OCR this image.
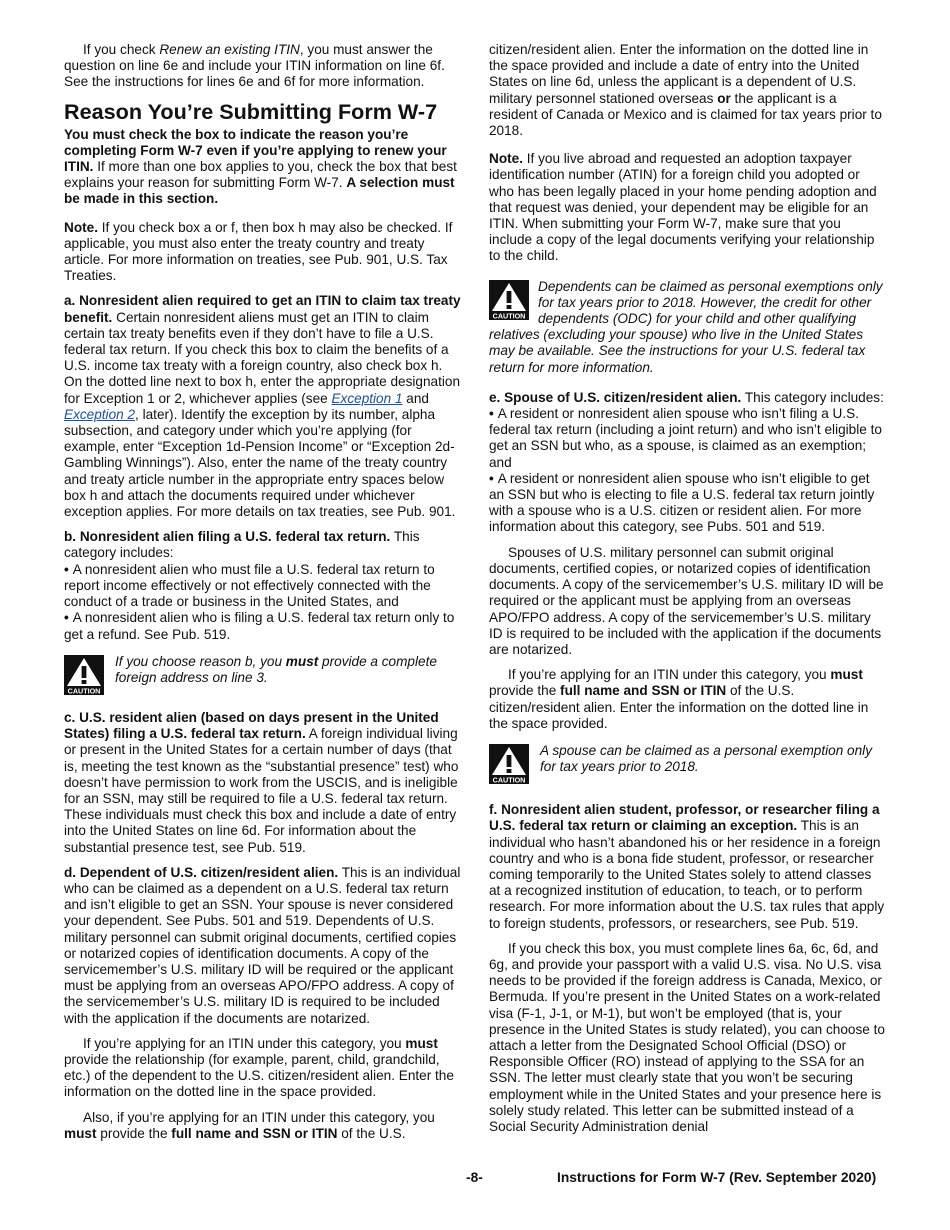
If you check Renew an existing ITIN, you must answer the question on line 6e and include your ITIN information on line 6f. See the instructions for lines 6e and 6f for more information.

Reason You’re Submitting Form W-7

You must check the box to indicate the reason you’re completing Form W-7 even if you’re applying to renew your ITIN. If more than one box applies to you, check the box that best explains your reason for submitting Form W-7. A selection must be made in this section.

Note. If you check box a or f, then box h may also be checked. If applicable, you must also enter the treaty country and treaty article. For more information on treaties, see Pub. 901, U.S. Tax Treaties.

a. Nonresident alien required to get an ITIN to claim tax treaty benefit. Certain nonresident aliens must get an ITIN to claim certain tax treaty benefits even if they don’t have to file a U.S. federal tax return. If you check this box to claim the benefits of a U.S. income tax treaty with a foreign country, also check box h. On the dotted line next to box h, enter the appropriate designation for Exception 1 or 2, whichever applies (see Exception 1 and Exception 2, later). Identify the exception by its number, alpha subsection, and category under which you’re applying (for example, enter “Exception 1d-Pension Income” or “Exception 2d-Gambling Winnings”). Also, enter the name of the treaty country and treaty article number in the appropriate entry spaces below box h and attach the documents required under whichever exception applies. For more details on tax treaties, see Pub. 901.

b. Nonresident alien filing a U.S. federal tax return. This category includes:

• A nonresident alien who must file a U.S. federal tax return to report income effectively or not effectively connected with the conduct of a trade or business in the United States, and

• A nonresident alien who is filing a U.S. federal tax return only to get a refund. See Pub. 519.

CAUTION
If you choose reason b, you must provide a complete foreign address on line 3.

c. U.S. resident alien (based on days present in the United States) filing a U.S. federal tax return. A foreign individual living or present in the United States for a certain number of days (that is, meeting the test known as the “substantial presence” test) who doesn’t have permission to work from the USCIS, and is ineligible for an SSN, may still be required to file a U.S. federal tax return. These individuals must check this box and include a date of entry into the United States on line 6d. For information about the substantial presence test, see Pub. 519.

d. Dependent of U.S. citizen/resident alien. This is an individual who can be claimed as a dependent on a U.S. federal tax return and isn’t eligible to get an SSN. Your spouse is never considered your dependent. See Pubs. 501 and 519. Dependents of U.S. military personnel can submit original documents, certified copies or notarized copies of identification documents. A copy of the servicemember’s U.S. military ID will be required or the applicant must be applying from an overseas APO/FPO address. A copy of the servicemember’s U.S. military ID is required to be included with the application if the documents are notarized.

If you’re applying for an ITIN under this category, you must provide the relationship (for example, parent, child, grandchild, etc.) of the dependent to the U.S. citizen/resident alien. Enter the information on the dotted line in the space provided.

Also, if you’re applying for an ITIN under this category, you must provide the full name and SSN or ITIN of the U.S.

citizen/resident alien. Enter the information on the dotted line in the space provided and include a date of entry into the United States on line 6d, unless the applicant is a dependent of U.S. military personnel stationed overseas or the applicant is a resident of Canada or Mexico and is claimed for tax years prior to 2018.

Note. If you live abroad and requested an adoption taxpayer identification number (ATIN) for a foreign child you adopted or who has been legally placed in your home pending adoption and that request was denied, your dependent may be eligible for an ITIN. When submitting your Form W-7, make sure that you include a copy of the legal documents verifying your relationship to the child.

CAUTION
Dependents can be claimed as personal exemptions only for tax years prior to 2018. However, the credit for other dependents (ODC) for your child and other qualifying relatives (excluding your spouse) who live in the United States may be available. See the instructions for your U.S. federal tax return for more information.

e. Spouse of U.S. citizen/resident alien. This category includes:

• A resident or nonresident alien spouse who isn’t filing a U.S. federal tax return (including a joint return) and who isn’t eligible to get an SSN but who, as a spouse, is claimed as an exemption; and

• A resident or nonresident alien spouse who isn’t eligible to get an SSN but who is electing to file a U.S. federal tax return jointly with a spouse who is a U.S. citizen or resident alien. For more information about this category, see Pubs. 501 and 519.

Spouses of U.S. military personnel can submit original documents, certified copies, or notarized copies of identification documents. A copy of the servicemember’s U.S. military ID will be required or the applicant must be applying from an overseas APO/FPO address. A copy of the servicemember’s U.S. military ID is required to be included with the application if the documents are notarized.

If you’re applying for an ITIN under this category, you must provide the full name and SSN or ITIN of the U.S. citizen/resident alien. Enter the information on the dotted line in the space provided.

CAUTION
A spouse can be claimed as a personal exemption only for tax years prior to 2018.

f. Nonresident alien student, professor, or researcher filing a U.S. federal tax return or claiming an exception. This is an individual who hasn’t abandoned his or her residence in a foreign country and who is a bona fide student, professor, or researcher coming temporarily to the United States solely to attend classes at a recognized institution of education, to teach, or to perform research. For more information about the U.S. tax rules that apply to foreign students, professors, or researchers, see Pub. 519.

If you check this box, you must complete lines 6a, 6c, 6d, and 6g, and provide your passport with a valid U.S. visa. No U.S. visa needs to be provided if the foreign address is Canada, Mexico, or Bermuda. If you’re present in the United States on a work-related visa (F-1, J-1, or M-1), but won’t be employed (that is, your presence in the United States is study related), you can choose to attach a letter from the Designated School Official (DSO) or Responsible Officer (RO) instead of applying to the SSA for an SSN. The letter must clearly state that you won’t be securing employment while in the United States and your presence here is solely study related. This letter can be submitted instead of a Social Security Administration denial

-8-	Instructions for Form W-7 (Rev. September 2020)
